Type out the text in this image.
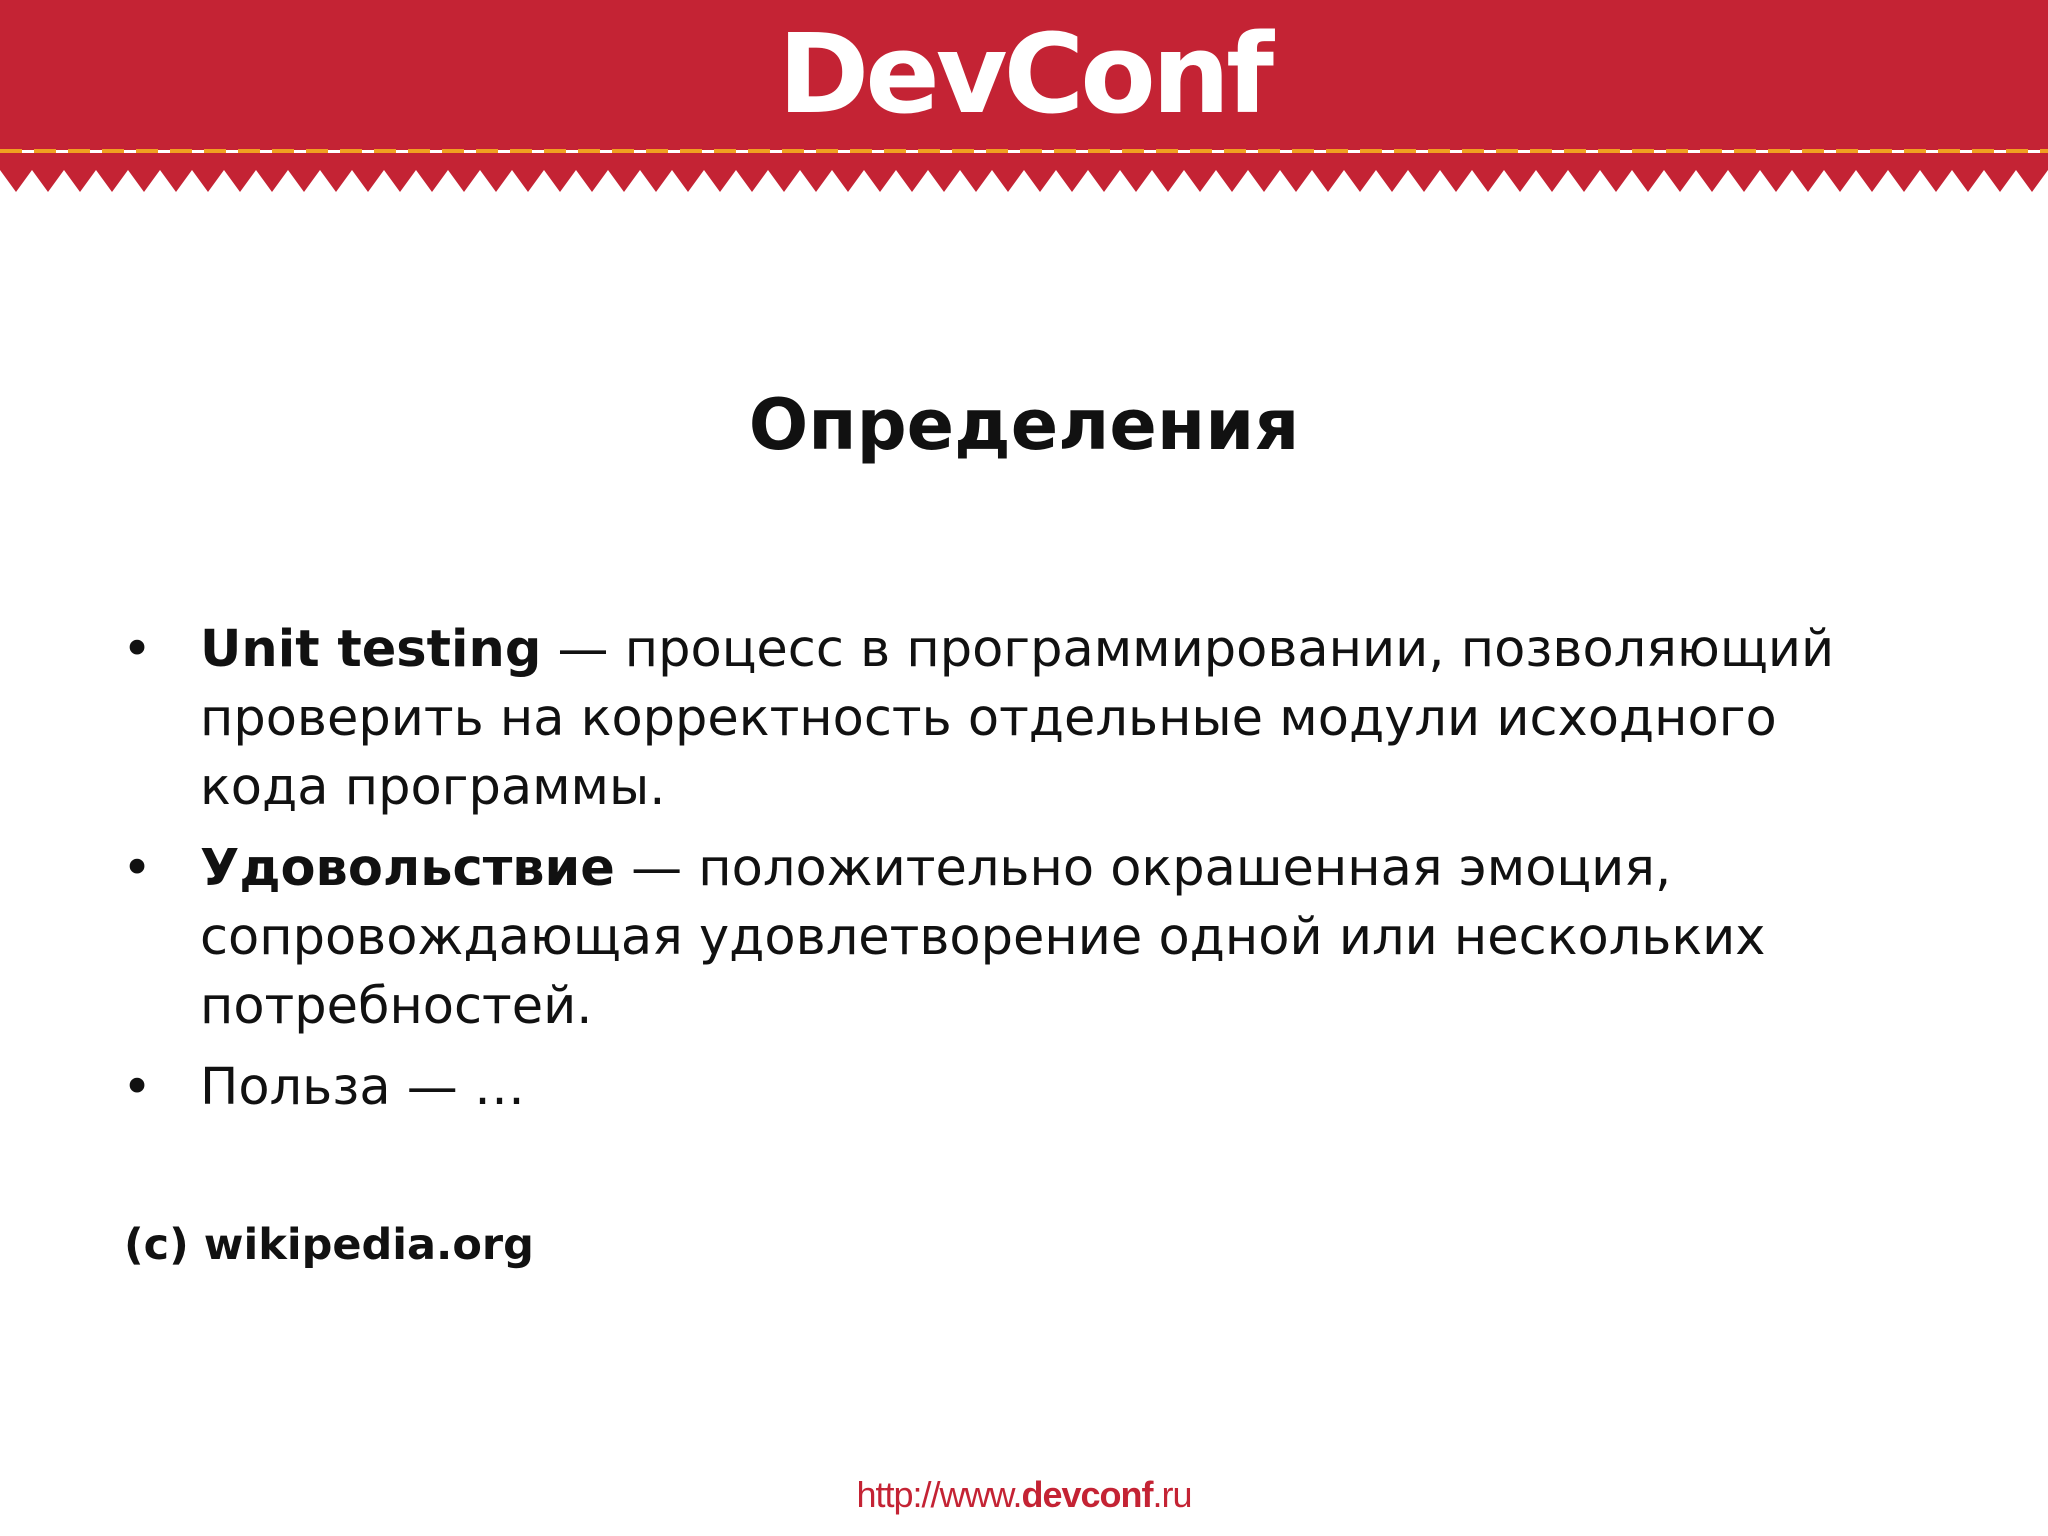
DevConf
Определения
• Unit testing — процесс в программировании, позволяющий проверить на корректность отдельные модули исходного кода программы.
• Удовольствие — положительно окрашенная эмоция, сопровождающая удовлетворение одной или нескольких потребностей.
• Польза — …
(c) wikipedia.org
http://www.devconf.ru
